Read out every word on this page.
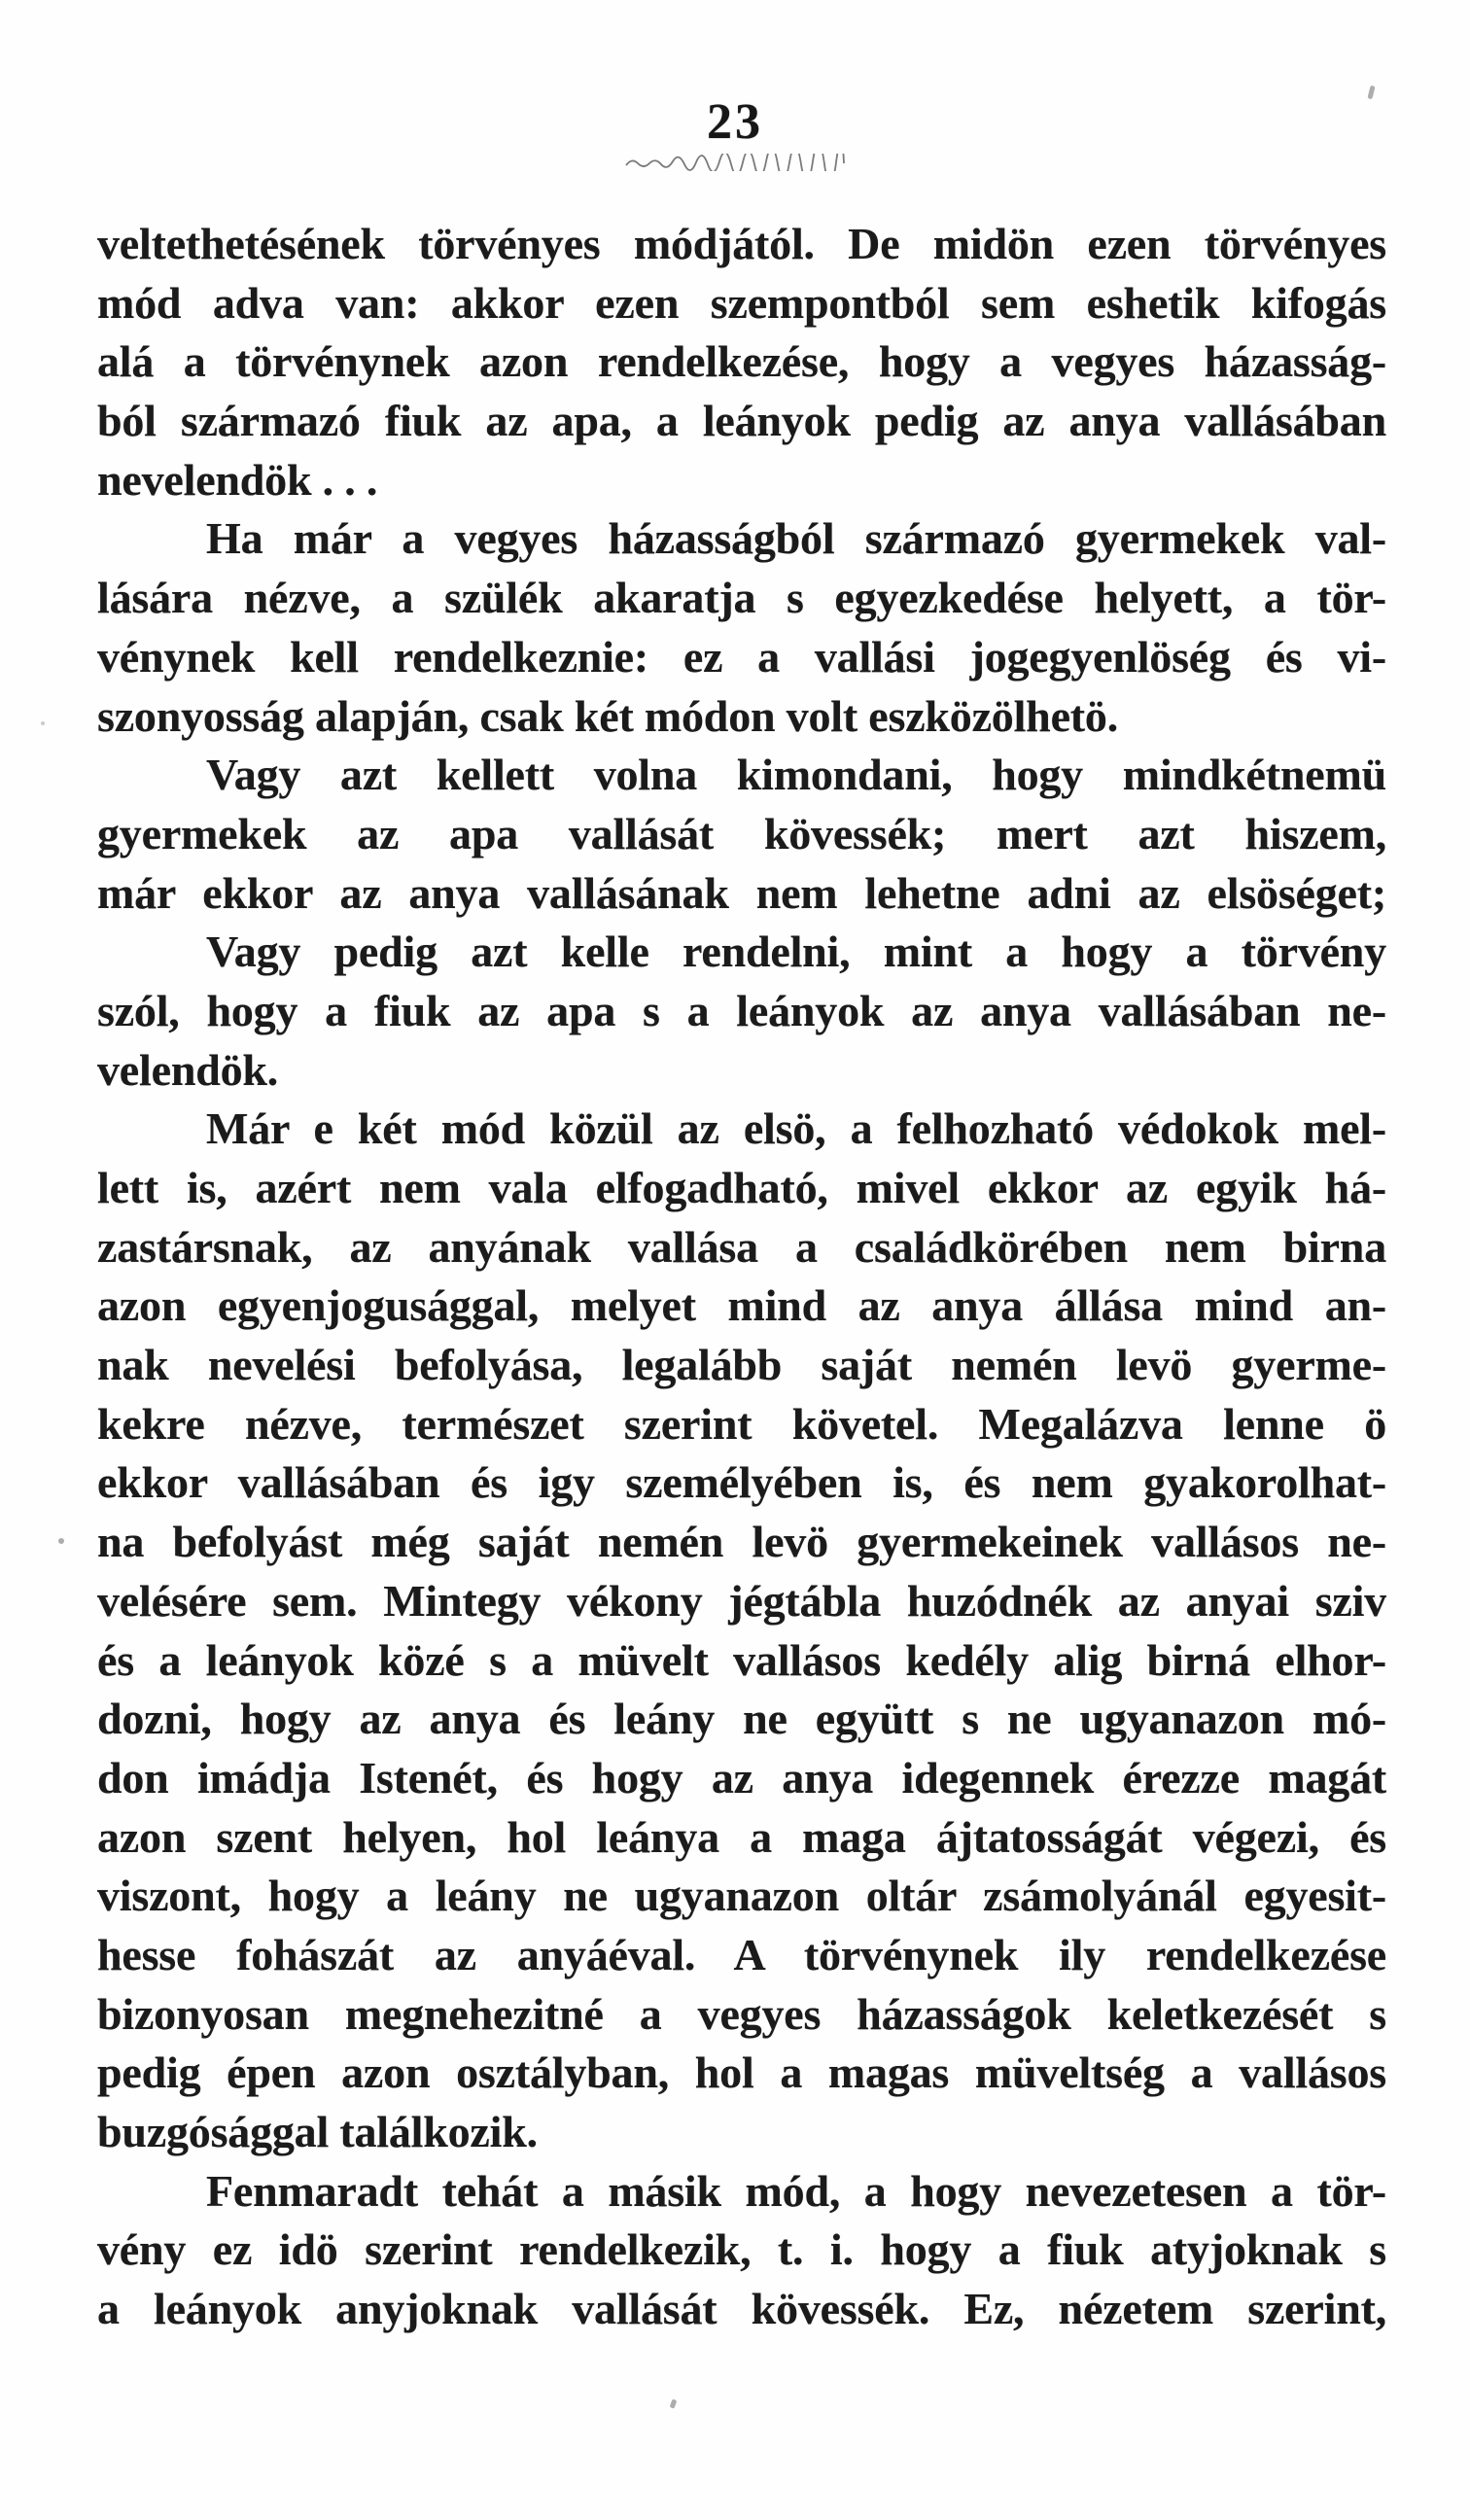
23
veltethetésének törvényes módjától. De midön ezen törvényes
mód adva van: akkor ezen szempontból sem eshetik kifogás
alá a törvénynek azon rendelkezése, hogy a vegyes házasság-
ból származó fiuk az apa, a leányok pedig az anya vallásában
nevelendök . . .
Ha már a vegyes házasságból származó gyermekek val-
lására nézve, a szülék akaratja s egyezkedése helyett, a tör-
vénynek kell rendelkeznie: ez a vallási jogegyenlöség és vi-
szonyosság alapján, csak két módon volt eszközölhetö.
Vagy azt kellett volna kimondani, hogy mindkétnemü
gyermekek az apa vallását kövessék; mert azt hiszem,
már ekkor az anya vallásának nem lehetne adni az elsöséget;
Vagy pedig azt kelle rendelni, mint a hogy a törvény
szól, hogy a fiuk az apa s a leányok az anya vallásában ne-
velendök.
Már e két mód közül az elsö, a felhozható védokok mel-
lett is, azért nem vala elfogadható, mivel ekkor az egyik há-
zastársnak, az anyának vallása a családkörében nem birna
azon egyenjogusággal, melyet mind az anya állása mind an-
nak nevelési befolyása, legalább saját nemén levö gyerme-
kekre nézve, természet szerint követel. Megalázva lenne ö
ekkor vallásában és igy személyében is, és nem gyakorolhat-
na befolyást még saját nemén levö gyermekeinek vallásos ne-
velésére sem. Mintegy vékony jégtábla huzódnék az anyai sziv
és a leányok közé s a müvelt vallásos kedély alig birná elhor-
dozni, hogy az anya és leány ne együtt s ne ugyanazon mó-
don imádja Istenét, és hogy az anya idegennek érezze magát
azon szent helyen, hol leánya a maga ájtatosságát végezi, és
viszont, hogy a leány ne ugyanazon oltár zsámolyánál egyesit-
hesse fohászát az anyáéval. A törvénynek ily rendelkezése
bizonyosan megnehezitné a vegyes házasságok keletkezését s
pedig épen azon osztályban, hol a magas müveltség a vallásos
buzgósággal találkozik.
Fenmaradt tehát a másik mód, a hogy nevezetesen a tör-
vény ez idö szerint rendelkezik, t. i. hogy a fiuk atyjoknak s
a leányok anyjoknak vallását kövessék. Ez, nézetem szerint,
